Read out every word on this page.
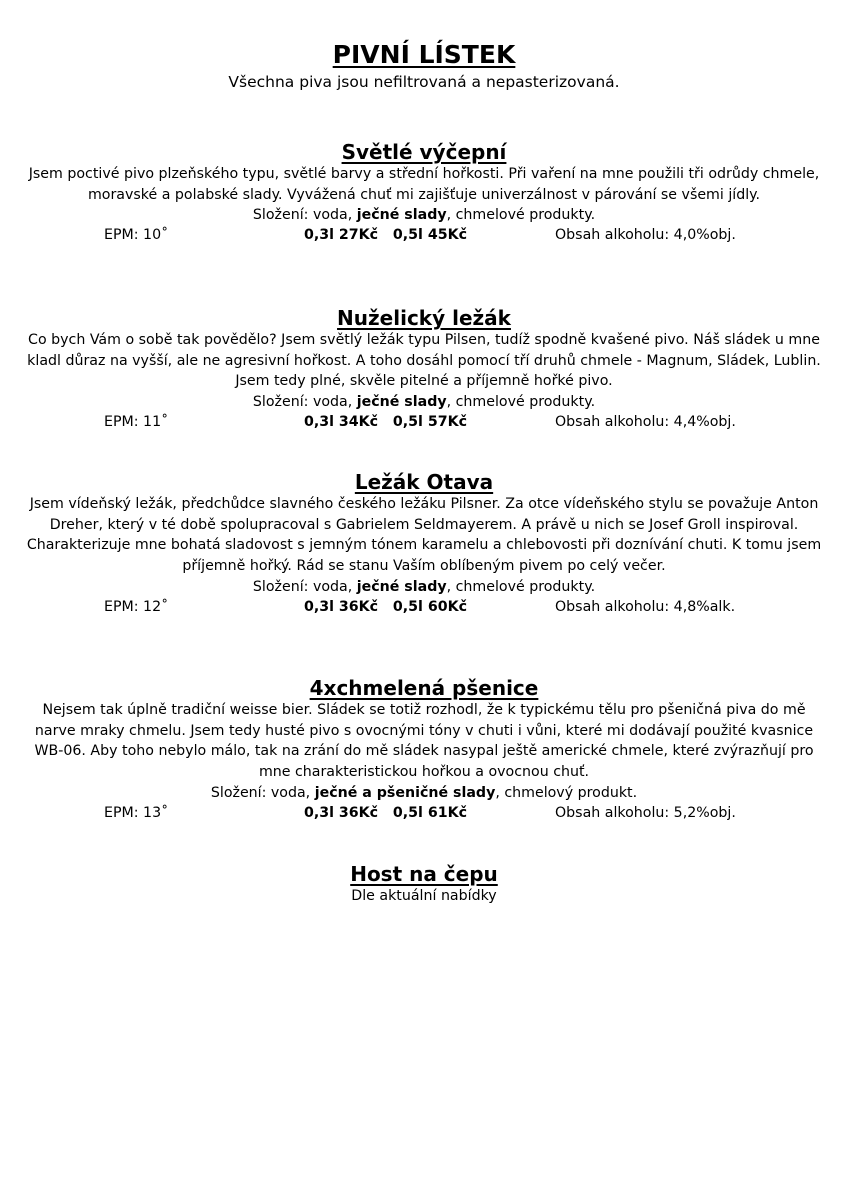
PIVNÍ LÍSTEK

Všechna piva jsou nefiltrovaná a nepasterizovaná.

Světlé výčepní

Jsem poctivé pivo plzeňského typu, světlé barvy a střední hořkosti. Při vaření na mne použili tři odrůdy chmele, moravské a polabské slady. Vyvážená chuť mi zajišťuje univerzálnost v párování se všemi jídly.

Složení: voda, ječné slady, chmelové produkty.

EPM: 10˚	0,3l 27Kč 0,5l 45Kč	Obsah alkoholu: 4,0%obj.
Nuželický ležák

Co bych Vám o sobě tak povědělo? Jsem světlý ležák typu Pilsen, tudíž spodně kvašené pivo. Náš sládek u mne kladl důraz na vyšší, ale ne agresivní hořkost. A toho dosáhl pomocí tří druhů chmele - Magnum, Sládek, Lublin. Jsem tedy plné, skvěle pitelné a příjemně hořké pivo.

Složení: voda, ječné slady, chmelové produkty.

EPM: 11˚	0,3l 34Kč 0,5l 57Kč	Obsah alkoholu: 4,4%obj.
Ležák Otava

Jsem vídeňský ležák, předchůdce slavného českého ležáku Pilsner. Za otce vídeňského stylu se považuje Anton Dreher, který v té době spolupracoval s Gabrielem Seldmayerem. A právě u nich se Josef Groll inspiroval. Charakterizuje mne bohatá sladovost s jemným tónem karamelu a chlebovosti při doznívání chuti. K tomu jsem příjemně hořký. Rád se stanu Vaším oblíbeným pivem po celý večer.

Složení: voda, ječné slady, chmelové produkty.

EPM: 12˚	0,3l 36Kč 0,5l 60Kč	Obsah alkoholu: 4,8%alk.
4xchmelená pšenice

Nejsem tak úplně tradiční weisse bier. Sládek se totiž rozhodl, že k typickému tělu pro pšeničná piva do mě narve mraky chmelu. Jsem tedy husté pivo s ovocnými tóny v chuti i vůni, které mi dodávají použité kvasnice WB-06. Aby toho nebylo málo, tak na zrání do mě sládek nasypal ještě americké chmele, které zvýrazňují pro mne charakteristickou hořkou a ovocnou chuť.

Složení: voda, ječné a pšeničné slady, chmelový produkt.

EPM: 13˚	0,3l 36Kč 0,5l 61Kč	Obsah alkoholu: 5,2%obj.
Host na čepu

Dle aktuální nabídky
